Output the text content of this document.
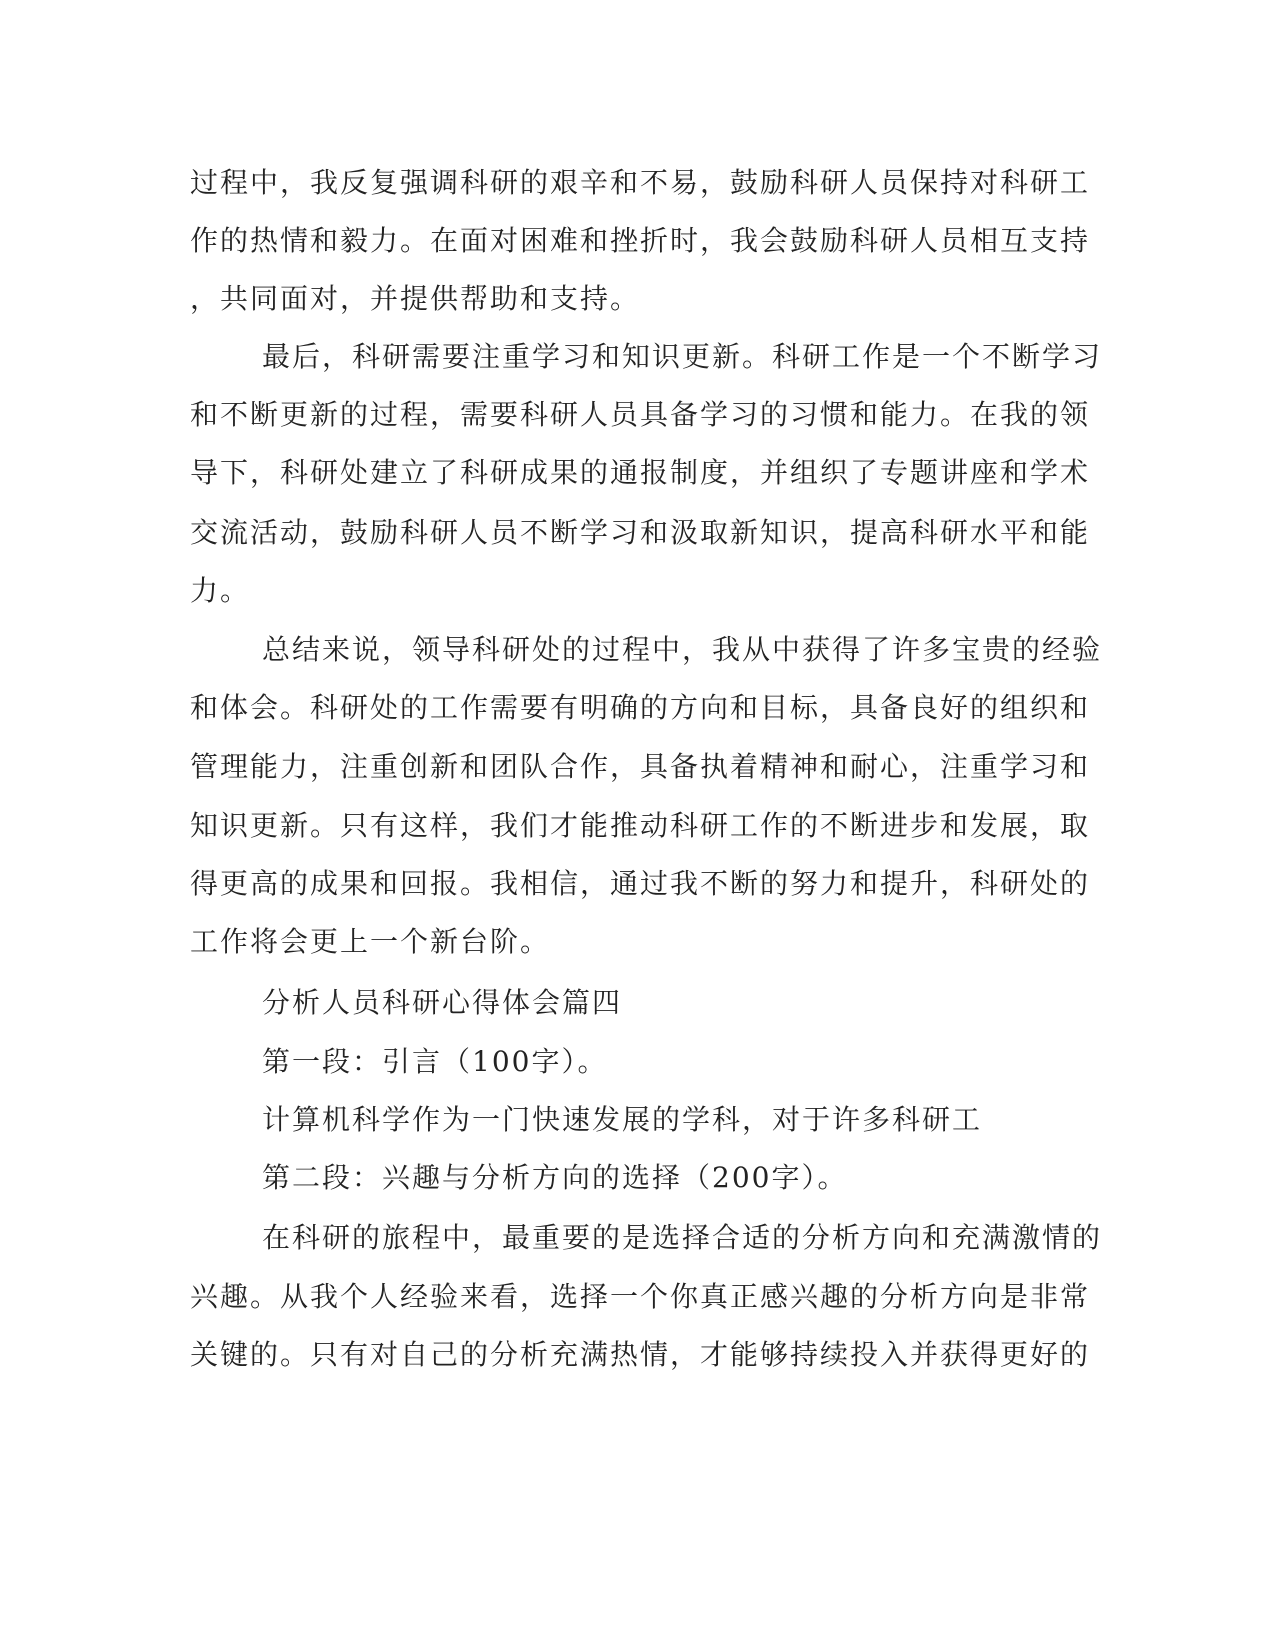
过程中，我反复强调科研的艰辛和不易，鼓励科研人员保持对科研工

作的热情和毅力。在面对困难和挫折时，我会鼓励科研人员相互支持

，共同面对，并提供帮助和支持。

最后，科研需要注重学习和知识更新。科研工作是一个不断学习

和不断更新的过程，需要科研人员具备学习的习惯和能力。在我的领

导下，科研处建立了科研成果的通报制度，并组织了专题讲座和学术

交流活动，鼓励科研人员不断学习和汲取新知识，提高科研水平和能

力。

总结来说，领导科研处的过程中，我从中获得了许多宝贵的经验

和体会。科研处的工作需要有明确的方向和目标，具备良好的组织和

管理能力，注重创新和团队合作，具备执着精神和耐心，注重学习和

知识更新。只有这样，我们才能推动科研工作的不断进步和发展，取

得更高的成果和回报。我相信，通过我不断的努力和提升，科研处的

工作将会更上一个新台阶。

分析人员科研心得体会篇四

第一段：引言（100字）。

计算机科学作为一门快速发展的学科，对于许多科研工

第二段：兴趣与分析方向的选择（200字）。

在科研的旅程中，最重要的是选择合适的分析方向和充满激情的

兴趣。从我个人经验来看，选择一个你真正感兴趣的分析方向是非常

关键的。只有对自己的分析充满热情，才能够持续投入并获得更好的
